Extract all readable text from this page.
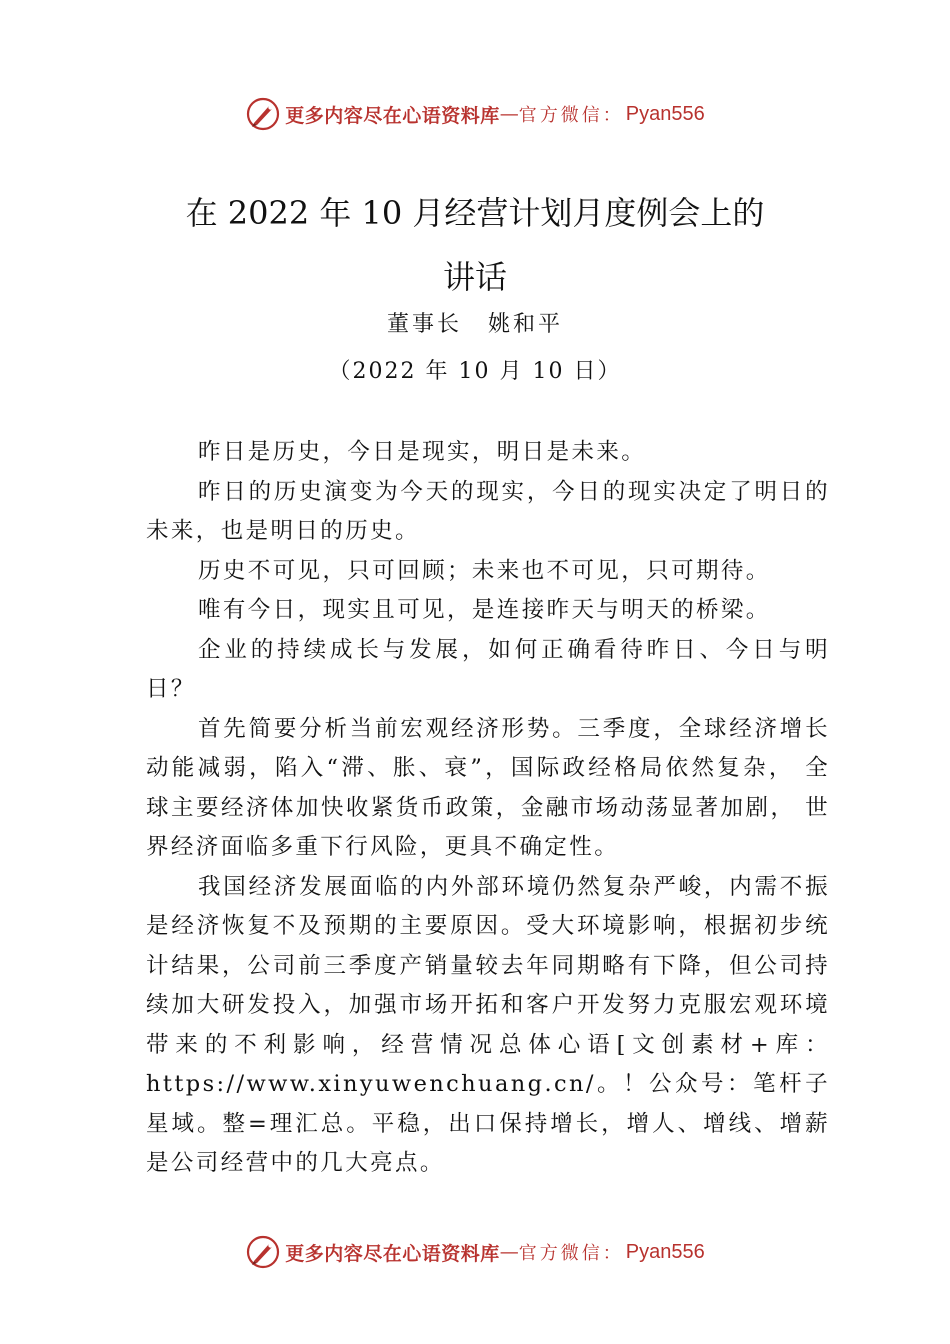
更多内容尽在心语资料库 — 官方微信： Pyan556
在 2022 年 10 月经营计划月度例会上的
讲话
董事长 姚和平
（2022 年 10 月 10 日）

昨日是历史，今日是现实，明日是未来。

昨日的历史演变为今天的现实，今日的现实决定了明日的未来，也是明日的历史。

历史不可见，只可回顾；未来也不可见，只可期待。

唯有今日，现实且可见，是连接昨天与明天的桥梁。

企业的持续成长与发展，如何正确看待昨日、今日与明日？

首先简要分析当前宏观经济形势。三季度，全球经济增长动能减弱，陷入“滞、胀、衰”，国际政经格局依然复杂， 全球主要经济体加快收紧货币政策，金融市场动荡显著加剧， 世界经济面临多重下行风险，更具不确定性。

我国经济发展面临的内外部环境仍然复杂严峻，内需不振是经济恢复不及预期的主要原因。受大环境影响，根据初步统计结果，公司前三季度产销量较去年同期略有下降，但公司持续加大研发投入，加强市场开拓和客户开发努力克服宏观环境带来的不利影响，经营情况总体心语[文创素材+库：https://www.xinyuwenchuang.cn/。！公众号：笔杆子星域。整=理汇总。平稳，出口保持增长，增人、增线、增薪是公司经营中的几大亮点。

更多内容尽在心语资料库 — 官方微信： Pyan556
